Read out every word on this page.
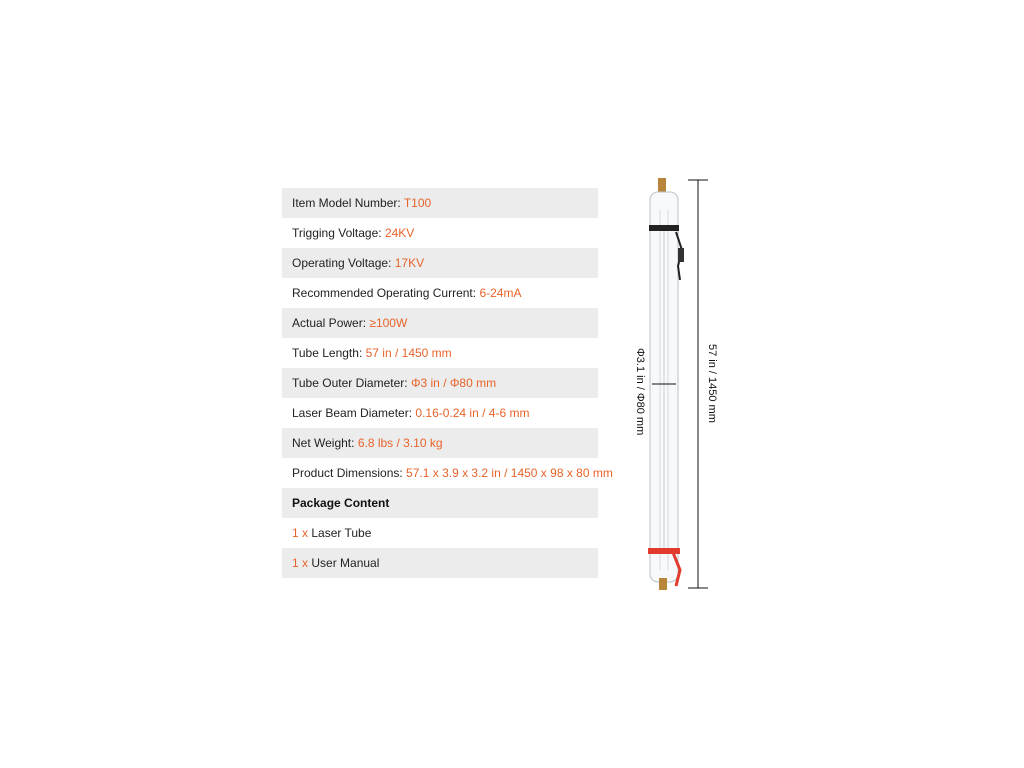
Item Model Number: T100
Trigging Voltage: 24KV
Operating Voltage: 17KV
Recommended Operating Current: 6-24mA
Actual Power: ≥100W
Tube Length: 57 in / 1450 mm
Tube Outer Diameter: Φ3 in / Φ80 mm
Laser Beam Diameter: 0.16-0.24 in / 4-6 mm
Net Weight: 6.8 lbs / 3.10 kg
Product Dimensions: 57.1 x 3.9 x 3.2 in / 1450 x 98 x 80 mm
Package Content
1 x Laser Tube
1 x User Manual
Φ3.1 in / Φ80 mm	57 in / 1450 mm
